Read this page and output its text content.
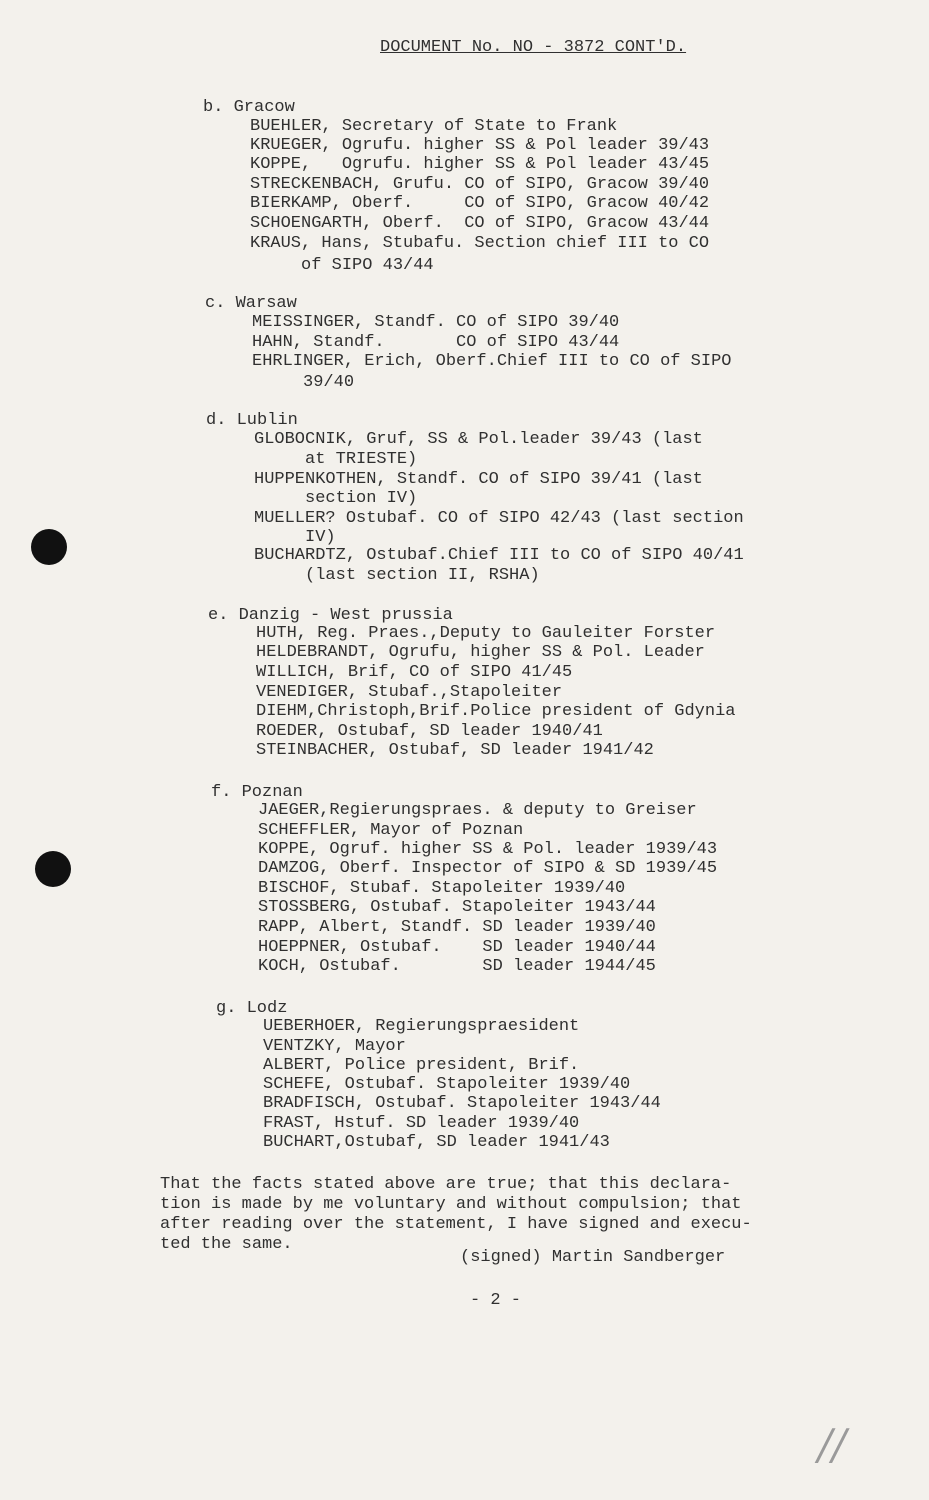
DOCUMENT No. NO - 3872 CONT'D.
b. Gracow
BUEHLER, Secretary of State to Frank
KRUEGER, Ogrufu. higher SS & Pol leader 39/43
KOPPE,   Ogrufu. higher SS & Pol leader 43/45
STRECKENBACH, Grufu. CO of SIPO, Gracow 39/40
BIERKAMP, Oberf.     CO of SIPO, Gracow 40/42
SCHOENGARTH, Oberf.  CO of SIPO, Gracow 43/44
KRAUS, Hans, Stubafu. Section chief III to CO
of SIPO 43/44
c. Warsaw
MEISSINGER, Standf. CO of SIPO 39/40
HAHN, Standf.       CO of SIPO 43/44
EHRLINGER, Erich, Oberf.Chief III to CO of SIPO
39/40
d. Lublin
GLOBOCNIK, Gruf, SS & Pol.leader 39/43 (last
at TRIESTE)
HUPPENKOTHEN, Standf. CO of SIPO 39/41 (last
section IV)
MUELLER? Ostubaf. CO of SIPO 42/43 (last section
IV)
BUCHARDTZ, Ostubaf.Chief III to CO of SIPO 40/41
(last section II, RSHA)
e. Danzig - West prussia
HUTH, Reg. Praes.,Deputy to Gauleiter Forster
HELDEBRANDT, Ogrufu, higher SS & Pol. Leader
WILLICH, Brif, CO of SIPO 41/45
VENEDIGER, Stubaf.,Stapoleiter
DIEHM,Christoph,Brif.Police president of Gdynia
ROEDER, Ostubaf, SD leader 1940/41
STEINBACHER, Ostubaf, SD leader 1941/42
f. Poznan
JAEGER,Regierungspraes. & deputy to Greiser
SCHEFFLER, Mayor of Poznan
KOPPE, Ogruf. higher SS & Pol. leader 1939/43
DAMZOG, Oberf. Inspector of SIPO & SD 1939/45
BISCHOF, Stubaf. Stapoleiter 1939/40
STOSSBERG, Ostubaf. Stapoleiter 1943/44
RAPP, Albert, Standf. SD leader 1939/40
HOEPPNER, Ostubaf.    SD leader 1940/44
KOCH, Ostubaf.        SD leader 1944/45
g. Lodz
UEBERHOER, Regierungspraesident
VENTZKY, Mayor
ALBERT, Police president, Brif.
SCHEFE, Ostubaf. Stapoleiter 1939/40
BRADFISCH, Ostubaf. Stapoleiter 1943/44
FRAST, Hstuf. SD leader 1939/40
BUCHART,Ostubaf, SD leader 1941/43
That the facts stated above are true; that this declara-
tion is made by me voluntary and without compulsion; that
after reading over the statement, I have signed and execu-
ted the same.
(signed) Martin Sandberger
- 2 -
//
